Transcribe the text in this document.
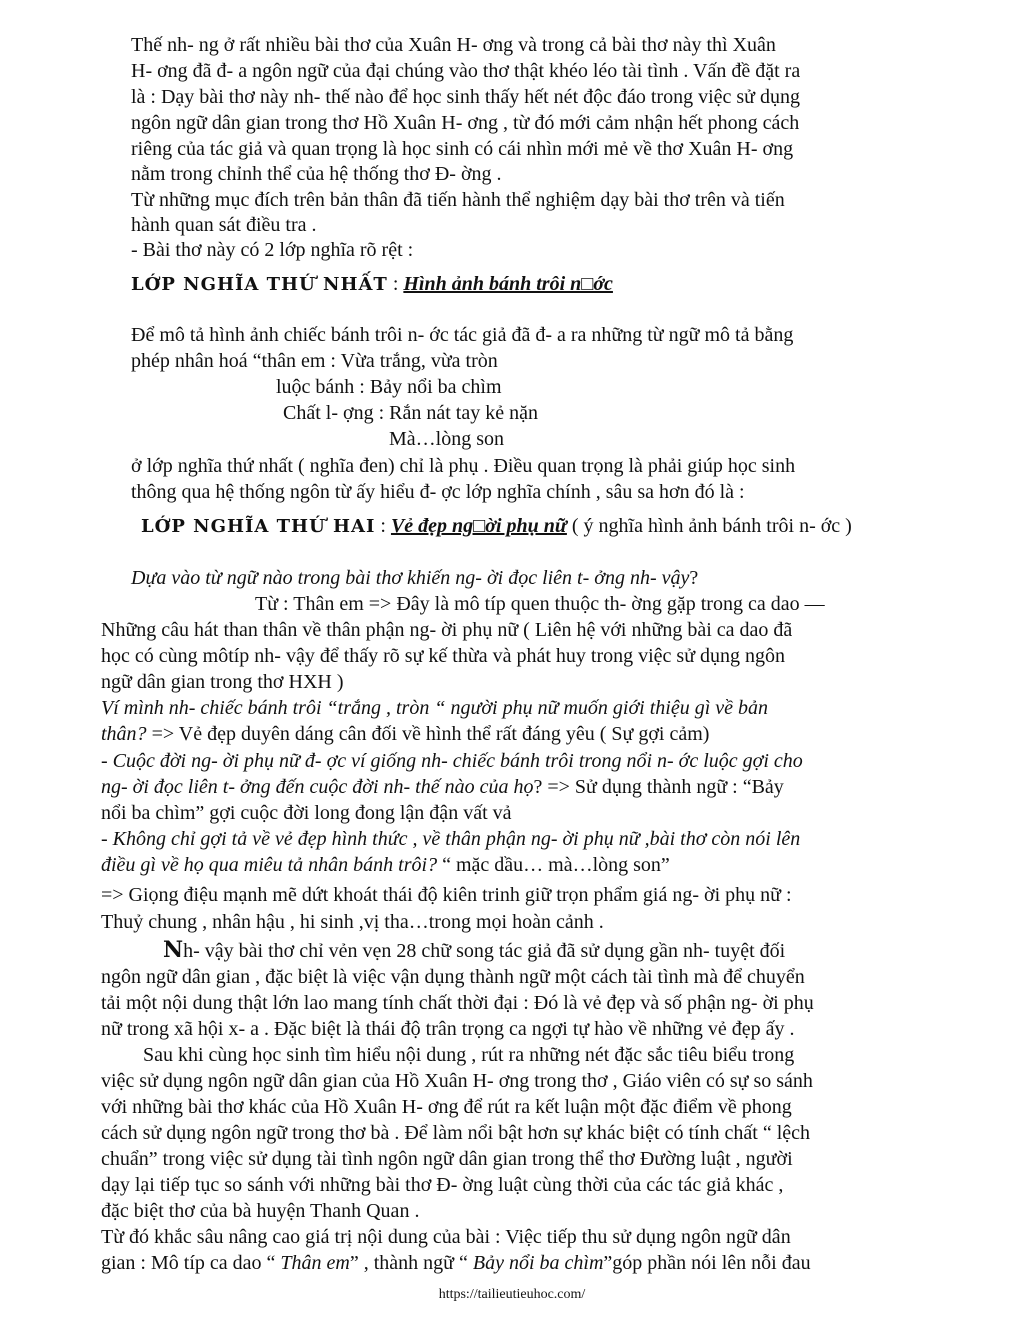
Thế nh- ng ở rất nhiều bài thơ của Xuân H- ơng và trong cả bài thơ này thì Xuân
H- ơng đã đ- a ngôn ngữ của đại chúng vào thơ thật khéo léo tài tình . Vấn đề đặt ra
là : Dạy bài thơ này nh- thế nào để học sinh thấy hết nét độc đáo trong việc sử dụng
ngôn ngữ dân gian trong thơ Hồ Xuân H- ơng , từ đó mới cảm nhận hết phong cách
riêng của tác giả và quan trọng là học sinh có cái nhìn mới mẻ về thơ Xuân H- ơng
nằm trong chỉnh thể của hệ thống thơ Đ- ờng .
Từ những mục đích trên bản thân đã tiến hành thể nghiệm dạy bài thơ trên và tiến
hành quan sát điều tra .
- Bài thơ này có 2 lớp nghĩa rõ rệt :
LỚP NGHĨA THỨ NHẤT : Hình ảnh bánh trôi n□ớc
Để mô tả hình ảnh chiếc bánh trôi n- ớc tác giả đã đ- a ra những từ ngữ mô tả bằng
phép nhân hoá “thân em : Vừa trắng, vừa tròn
luộc bánh : Bảy nổi ba chìm
Chất l- ợng : Rắn nát tay kẻ nặn
Mà…lòng son
ở lớp nghĩa thứ nhất ( nghĩa đen) chỉ là phụ . Điều quan trọng là phải giúp học sinh
thông qua hệ thống ngôn từ ấy hiểu đ- ợc lớp nghĩa chính , sâu sa hơn đó là :
LỚP NGHĨA THỨ HAI : Vẻ đẹp ng□ời phụ nữ ( ý nghĩa hình ảnh bánh trôi n- ớc )
Dựa vào từ ngữ nào trong bài thơ khiến ng- ời đọc liên t- ởng nh- vậy?
Từ : Thân em => Đây là mô típ quen thuộc th- ờng gặp trong ca dao —
Những câu hát than thân về thân phận ng- ời phụ nữ ( Liên hệ với những bài ca dao đã
học có cùng môtíp nh- vậy để thấy rõ sự kế thừa và phát huy trong việc sử dụng ngôn
ngữ dân gian trong thơ HXH )
Ví mình nh- chiếc bánh trôi “trắng , tròn “ người phụ nữ muốn giới thiệu gì về bản
thân? => Vẻ đẹp duyên dáng cân đối về hình thể rất đáng yêu ( Sự gợi cảm)
- Cuộc đời ng- ời phụ nữ đ- ợc ví giống nh- chiếc bánh trôi trong nổi n- ớc luộc gợi cho
ng- ời đọc liên t- ởng đến cuộc đời nh- thế nào của họ? => Sử dụng thành ngữ : “Bảy
nổi ba chìm” gợi cuộc đời long đong lận đận vất vả
- Không chỉ gợi tả về vẻ đẹp hình thức , về thân phận ng- ời phụ nữ ,bài thơ còn nói lên
điều gì về họ qua miêu tả nhân bánh trôi? “ mặc dầu… mà…lòng son”
=> Giọng điệu mạnh mẽ dứt khoát thái độ kiên trinh giữ trọn phẩm giá ng- ời phụ nữ :
Thuỷ chung , nhân hậu , hi sinh ,vị tha…trong mọi hoàn cảnh .
Nh- vậy bài thơ chỉ vẻn vẹn 28 chữ song tác giả đã sử dụng gần nh- tuyệt đối
ngôn ngữ dân gian , đặc biệt là việc vận dụng thành ngữ một cách tài tình mà để chuyển
tải một nội dung thật lớn lao mang tính chất thời đại : Đó là vẻ đẹp và số phận ng- ời phụ
nữ trong xã hội x- a . Đặc biệt là thái độ trân trọng ca ngợi tự hào về những vẻ đẹp ấy .
Sau khi cùng học sinh tìm hiểu nội dung , rút ra những nét đặc sắc tiêu biểu trong
việc sử dụng ngôn ngữ dân gian của Hồ Xuân H- ơng trong thơ , Giáo viên có sự so sánh
với những bài thơ khác của Hồ Xuân H- ơng để rút ra kết luận một đặc điểm về phong
cách sử dụng ngôn ngữ trong thơ bà . Để làm nổi bật hơn sự khác biệt có tính chất “ lệch
chuẩn” trong việc sử dụng tài tình ngôn ngữ dân gian trong thể thơ Đường luật , người
dạy lại tiếp tục so sánh với những bài thơ Đ- ờng luật cùng thời của các tác giả khác ,
đặc biệt thơ của bà huyện Thanh Quan .
Từ đó khắc sâu nâng cao giá trị nội dung của bài : Việc tiếp thu sử dụng ngôn ngữ dân
gian : Mô típ ca dao “ Thân em” , thành ngữ “ Bảy nổi ba chìm”góp phần nói lên nỗi đau
https://tailieutieuhoc.com/
